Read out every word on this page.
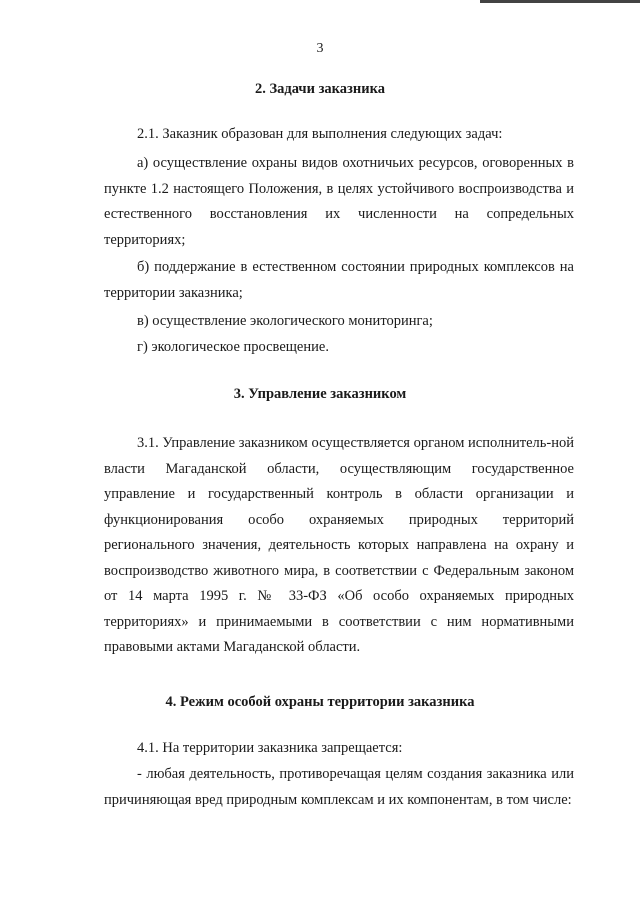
3
2. Задачи заказника

2.1. Заказник образован для выполнения следующих задач:

а) осуществление охраны видов охотничьих ресурсов, оговоренных в пункте 1.2 настоящего Положения, в целях устойчивого воспроизводства и естественного восстановления их численности на сопредельных территориях;

б) поддержание в естественном состоянии природных комплексов на территории заказника;

в) осуществление экологического мониторинга;

г) экологическое просвещение.

3. Управление заказником

3.1. Управление заказником осуществляется органом исполнитель-ной власти Магаданской области, осуществляющим государственное управление и государственный контроль в области организации и функционирования особо охраняемых природных территорий регионального значения, деятельность которых направлена на охрану и воспроизводство животного мира, в соответствии с Федеральным законом от 14 марта 1995 г. № 33-ФЗ «Об особо охраняемых природных территориях» и принимаемыми в соответствии с ним нормативными правовыми актами Магаданской области.

4. Режим особой охраны территории заказника

4.1. На территории заказника запрещается:

- любая деятельность, противоречащая целям создания заказника или причиняющая вред природным комплексам и их компонентам, в том числе:
